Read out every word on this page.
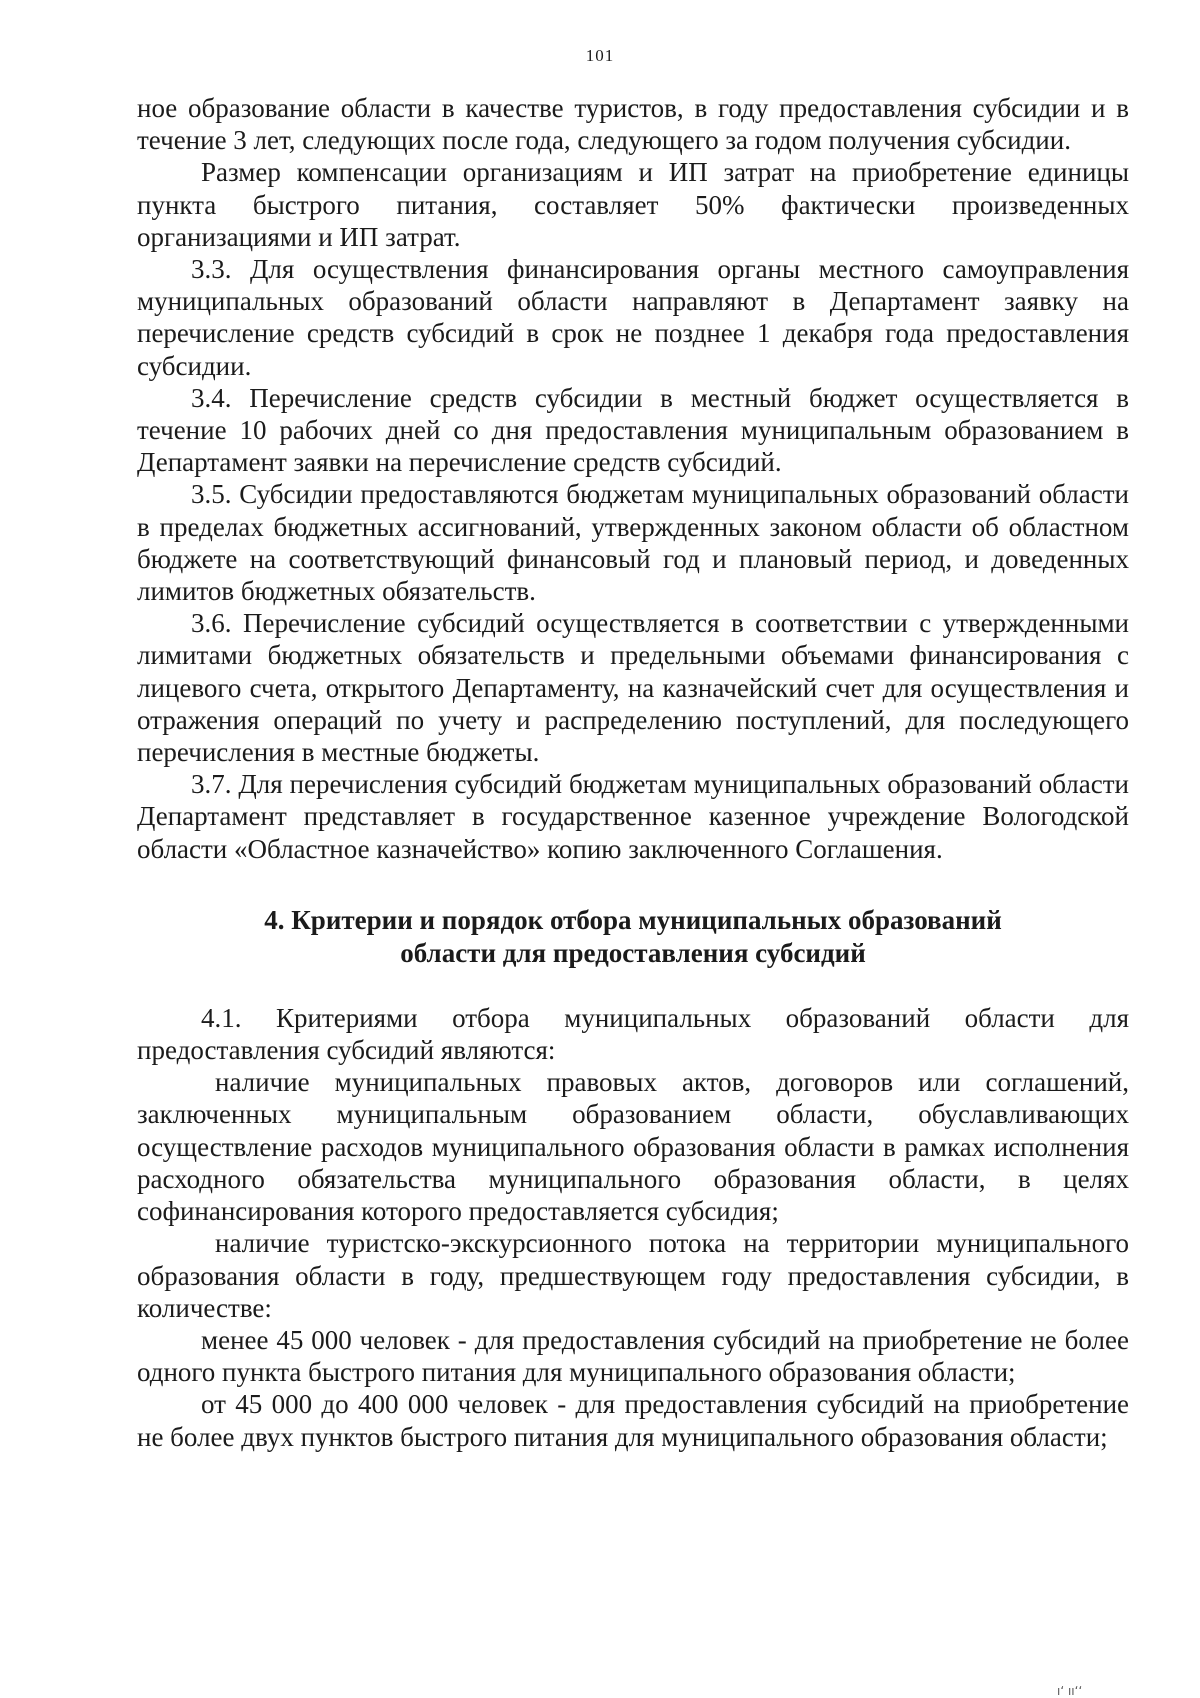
101

ное образование области в качестве туристов, в году предоставления субсидии и в течение 3 лет, следующих после года, следующего за годом получения субсидии.

Размер компенсации организациям и ИП затрат на приобретение единицы пункта быстрого питания, составляет 50% фактически произведенных организациями и ИП затрат.

3.3. Для осуществления финансирования органы местного самоуправления муниципальных образований области направляют в Департамент заявку на перечисление средств субсидий в срок не позднее 1 декабря года предоставления субсидии.

3.4. Перечисление средств субсидии в местный бюджет осуществляется в течение 10 рабочих дней со дня предоставления муниципальным образованием в Департамент заявки на перечисление средств субсидий.

3.5. Субсидии предоставляются бюджетам муниципальных образований области в пределах бюджетных ассигнований, утвержденных законом области об областном бюджете на соответствующий финансовый год и плановый период, и доведенных лимитов бюджетных обязательств.

3.6. Перечисление субсидий осуществляется в соответствии с утвержденными лимитами бюджетных обязательств и предельными объемами финансирования с лицевого счета, открытого Департаменту, на казначейский счет для осуществления и отражения операций по учету и распределению поступлений, для последующего перечисления в местные бюджеты.

3.7. Для перечисления субсидий бюджетам муниципальных образований области Департамент представляет в государственное казенное учреждение Вологодской области «Областное казначейство» копию заключенного Соглашения.

4. Критерии и порядок отбора муниципальных образований
области для предоставления субсидий

4.1. Критериями отбора муниципальных образований области для предоставления субсидий являются:

наличие муниципальных правовых актов, договоров или соглашений, заключенных муниципальным образованием области, обуславливающих осуществление расходов муниципального образования области в рамках исполнения расходного обязательства муниципального образования области, в целях софинансирования которого предоставляется субсидия;

наличие туристско-экскурсионного потока на территории муниципального образования области в году, предшествующем году предоставления субсидии, в количестве:

менее 45 000 человек - для предоставления субсидий на приобретение не более одного пункта быстрого питания для муниципального образования области;

от 45 000 до 400 000 человек - для предоставления субсидий на приобретение не более двух пунктов быстрого питания для муниципального образования области;

ı‘ ıı‘‘
